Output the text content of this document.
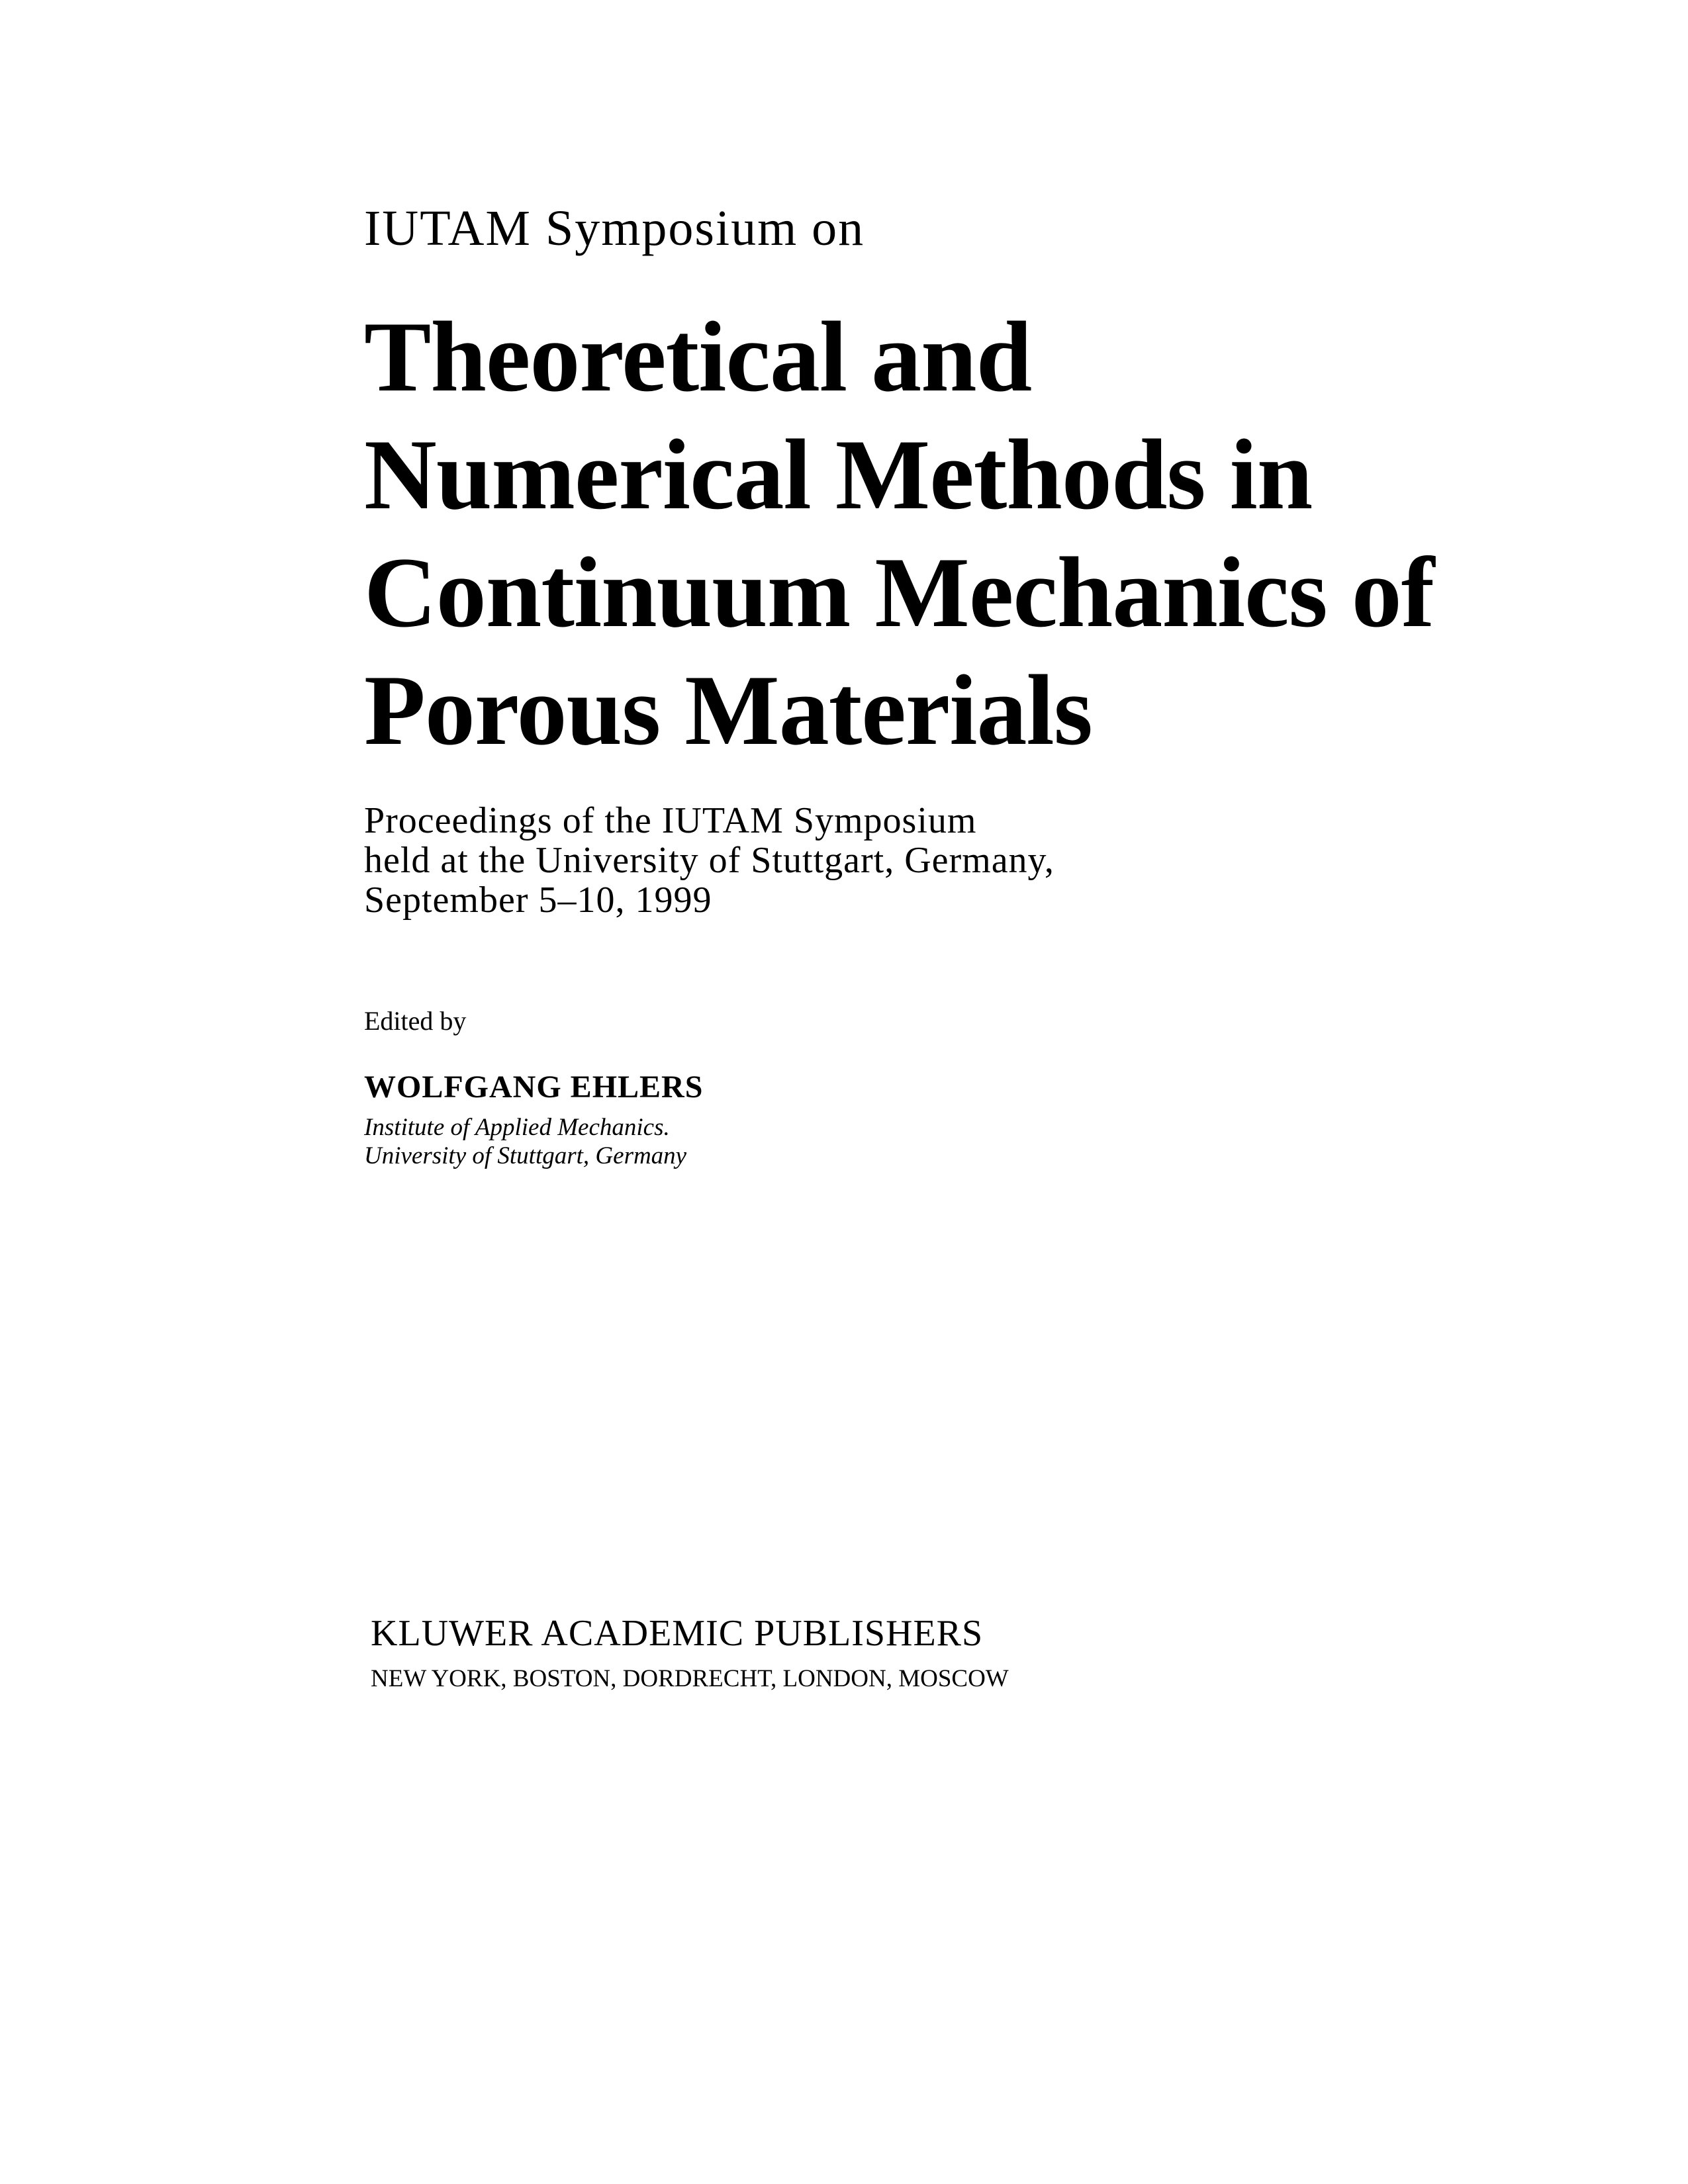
IUTAM Symposium on

Theoretical and
Numerical Methods in
Continuum Mechanics of
Porous Materials
Proceedings of the IUTAM Symposium
held at the University of Stuttgart, Germany,
September 5–10, 1999

Edited by

WOLFGANG EHLERS

Institute of Applied Mechanics.
University of Stuttgart, Germany

KLUWER ACADEMIC PUBLISHERS

NEW YORK, BOSTON, DORDRECHT, LONDON, MOSCOW
